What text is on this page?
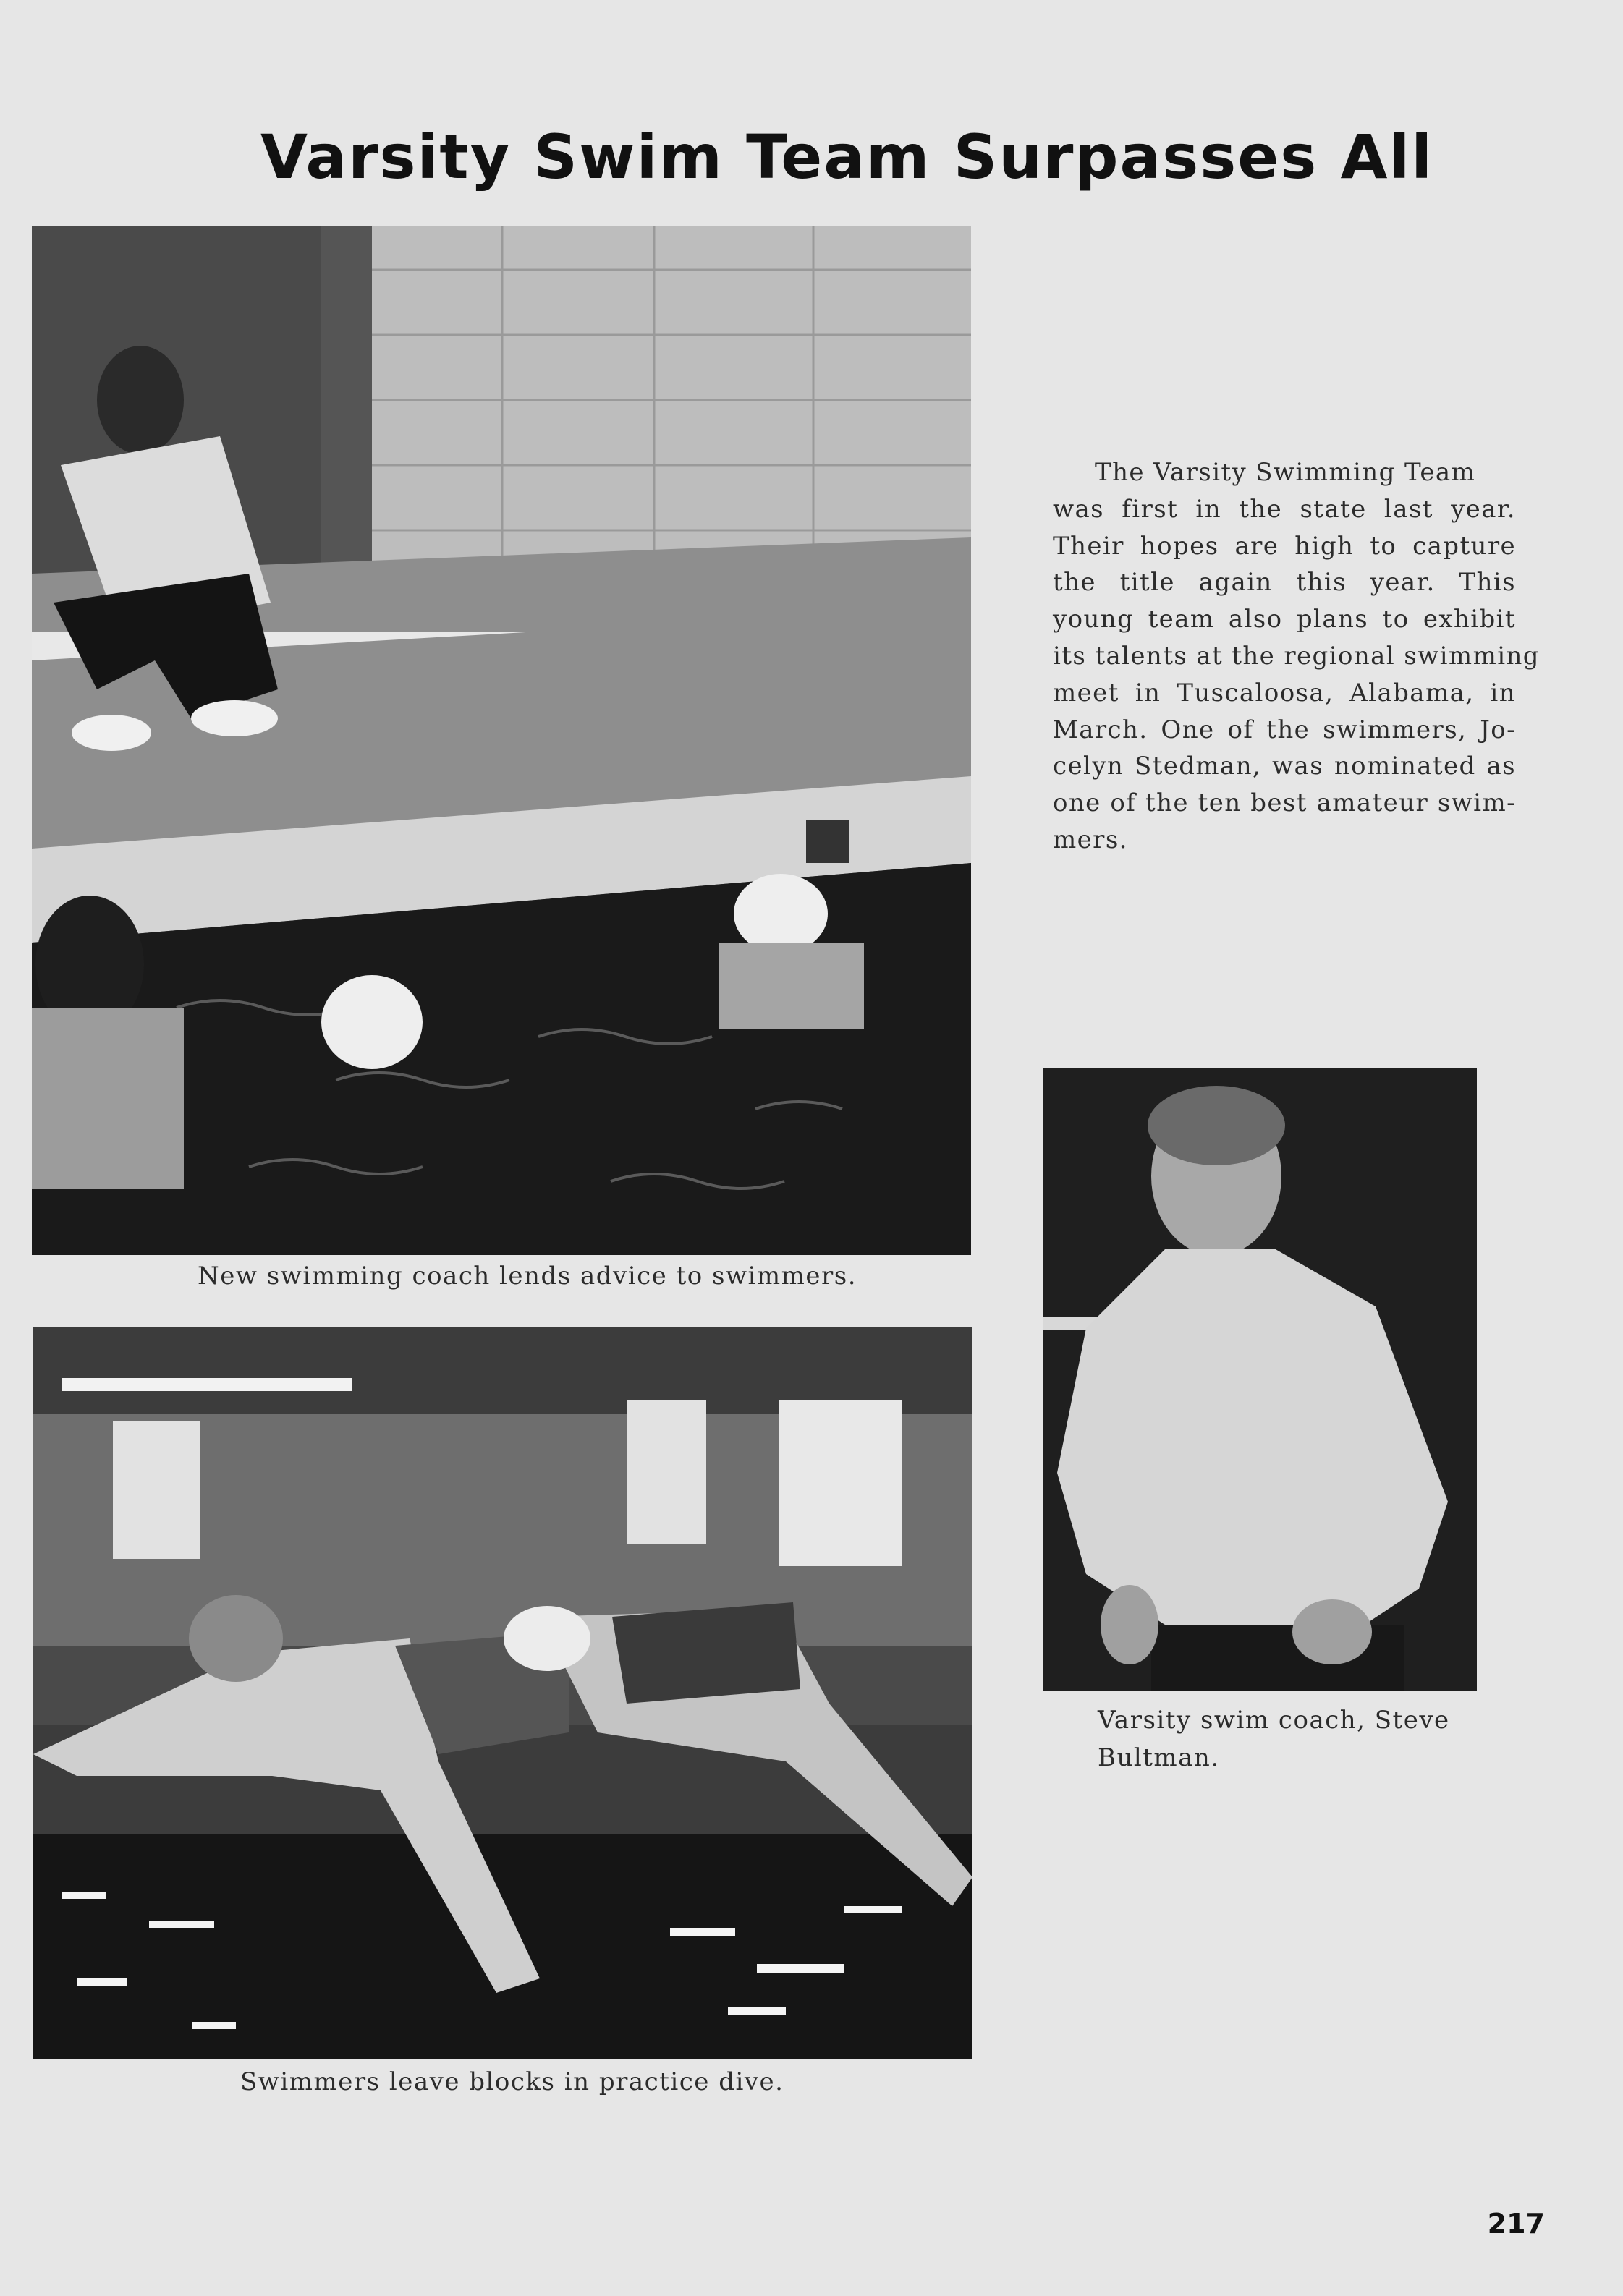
Varsity Swim Team Surpasses All

New swimming coach lends advice to swimmers.

Swimmers leave blocks in practice dive.

Varsity swim coach, Steve
Bultman.
The Varsity Swimming Team
was first in the state last year.
Their hopes are high to capture
the title again this year. This
young team also plans to exhibit
its talents at the regional swimming
meet in Tuscaloosa, Alabama, in
March. One of the swimmers, Jo-
celyn Stedman, was nominated as
one of the ten best amateur swim-
mers.
217
